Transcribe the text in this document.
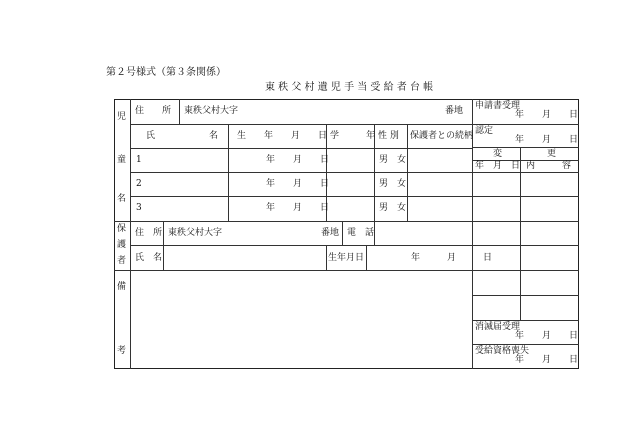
第２号様式（第３条関係）
東 秩 父 村 遺 児 手 当 受 給 者 台 帳
児
童
名
住　　所 東秩父村大字	番地
氏　　　　　　名 生　　年　　月　　日 学　　　年 性 別 保護者との続柄
1	年　　月　　日	男　女
2	年　　月　　日	男　女
3	年　　月　　日	男　女
保
護
者
住　所 東秩父村大字	番地 電　話
氏　名	生年月日	年　　　月　　　日
備
考
申請書受理
年　　月　　日
認定
年　　月　　日
変　　　　　更
年　月　日 内　　　容
消滅届受理
年　　月　　日
受給資格喪失
年　　月　　日
